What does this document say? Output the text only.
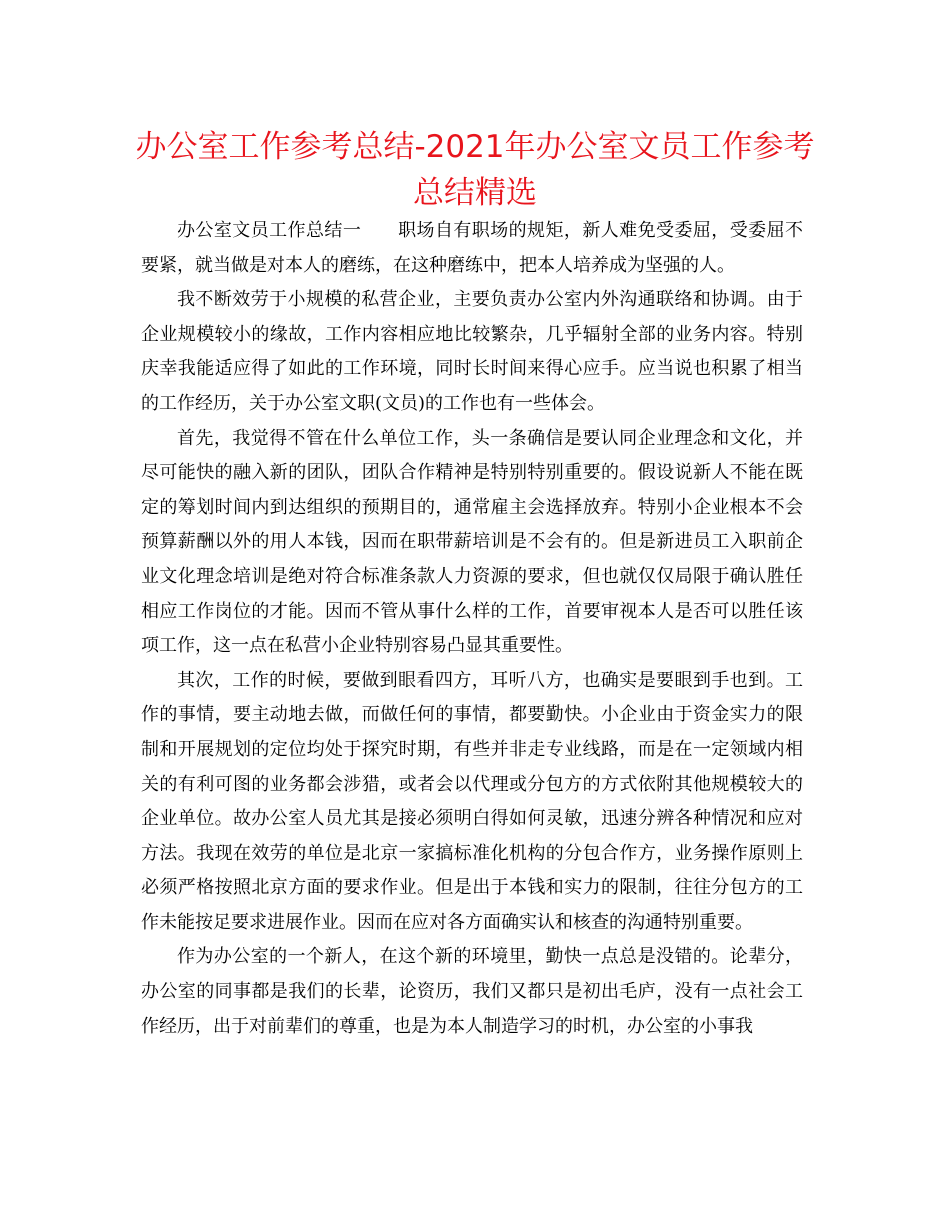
办公室工作参考总结-2021年办公室文员工作参考总结精选

办公室文员工作总结一　　职场自有职场的规矩，新人难免受委屈，受委屈不要紧，就当做是对本人的磨练，在这种磨练中，把本人培养成为坚强的人。

我不断效劳于小规模的私营企业，主要负责办公室内外沟通联络和协调。由于企业规模较小的缘故，工作内容相应地比较繁杂，几乎辐射全部的业务内容。特别庆幸我能适应得了如此的工作环境，同时长时间来得心应手。应当说也积累了相当的工作经历，关于办公室文职(文员)的工作也有一些体会。

首先，我觉得不管在什么单位工作，头一条确信是要认同企业理念和文化，并尽可能快的融入新的团队，团队合作精神是特别特别重要的。假设说新人不能在既定的筹划时间内到达组织的预期目的，通常雇主会选择放弃。特别小企业根本不会预算薪酬以外的用人本钱，因而在职带薪培训是不会有的。但是新进员工入职前企业文化理念培训是绝对符合标准条款人力资源的要求，但也就仅仅局限于确认胜任相应工作岗位的才能。因而不管从事什么样的工作，首要审视本人是否可以胜任该项工作，这一点在私营小企业特别容易凸显其重要性。

其次，工作的时候，要做到眼看四方，耳听八方，也确实是要眼到手也到。工作的事情，要主动地去做，而做任何的事情，都要勤快。小企业由于资金实力的限制和开展规划的定位均处于探究时期，有些并非走专业线路，而是在一定领域内相关的有利可图的业务都会涉猎，或者会以代理或分包方的方式依附其他规模较大的企业单位。故办公室人员尤其是接必须明白得如何灵敏，迅速分辨各种情况和应对方法。我现在效劳的单位是北京一家搞标准化机构的分包合作方，业务操作原则上必须严格按照北京方面的要求作业。但是出于本钱和实力的限制，往往分包方的工作未能按足要求进展作业。因而在应对各方面确实认和核查的沟通特别重要。

作为办公室的一个新人，在这个新的环境里，勤快一点总是没错的。论辈分，办公室的同事都是我们的长辈，论资历，我们又都只是初出毛庐，没有一点社会工作经历，出于对前辈们的尊重，也是为本人制造学习的时机，办公室的小事我
